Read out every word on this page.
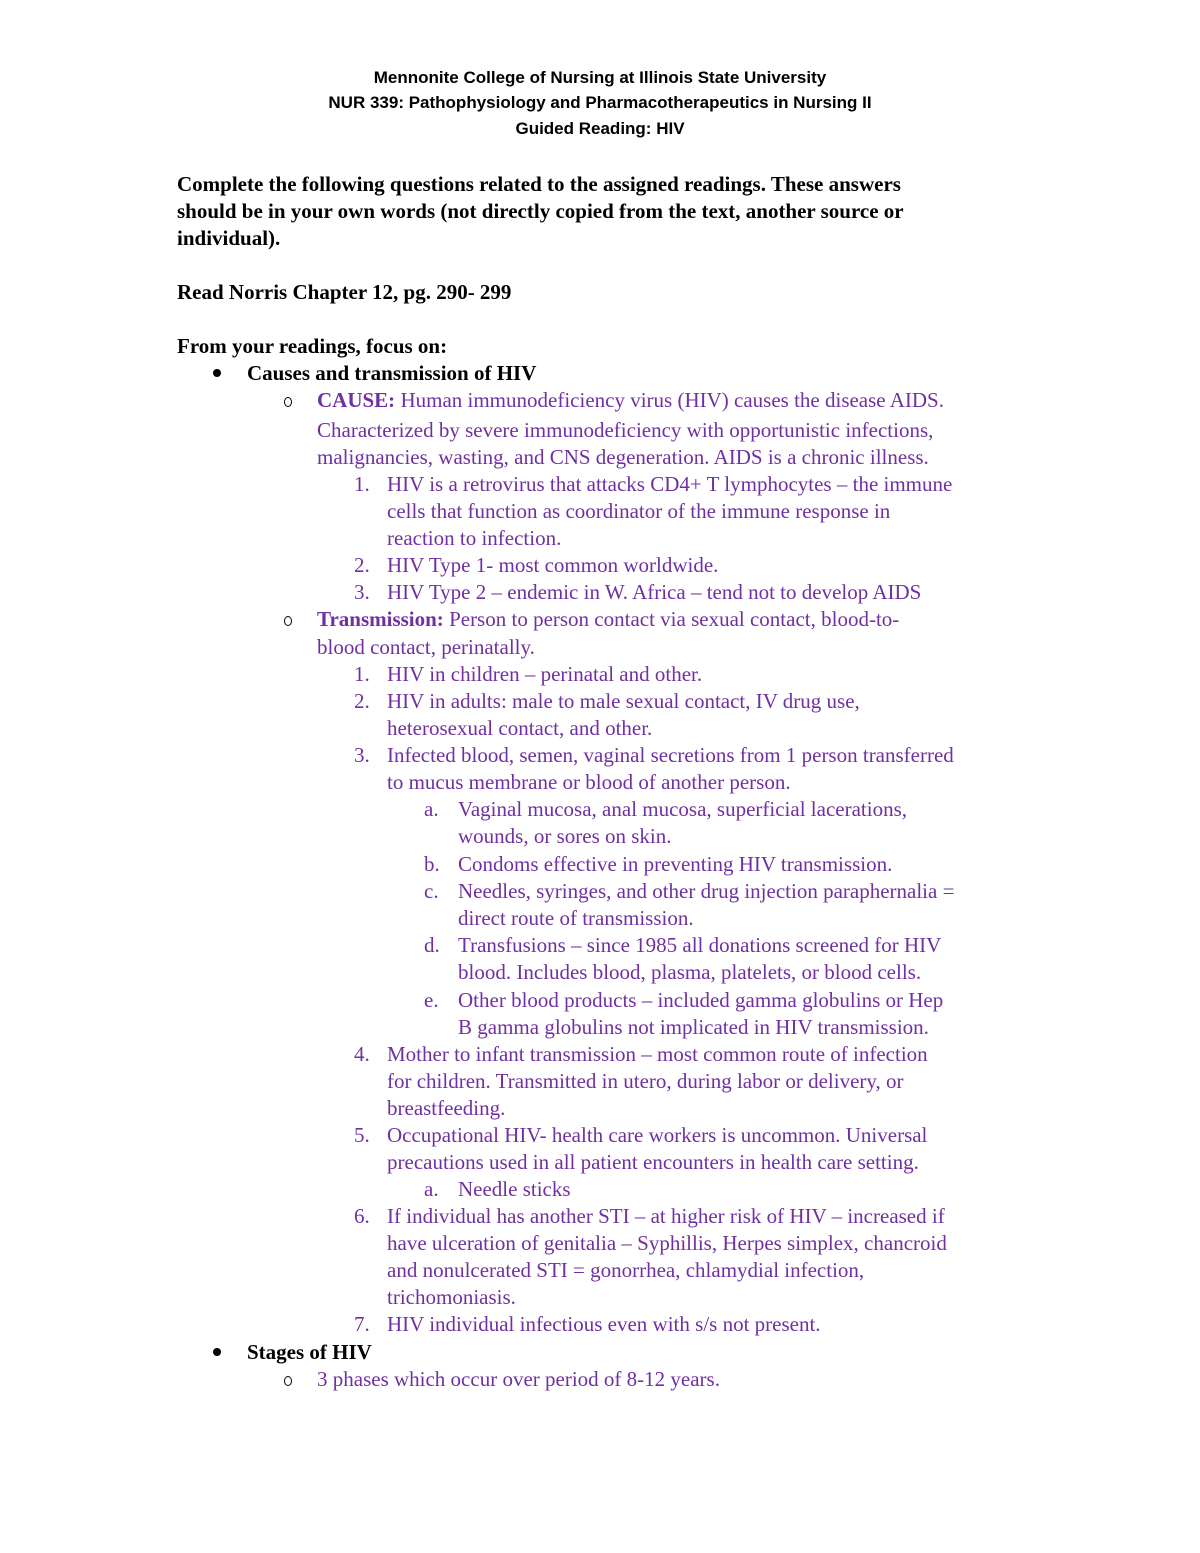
Mennonite College of Nursing at Illinois State University
NUR 339: Pathophysiology and Pharmacotherapeutics in Nursing II
Guided Reading: HIV
Complete the following questions related to the assigned readings. These answers
should be in your own words (not directly copied from the text, another source or
individual).
Read Norris Chapter 12, pg. 290- 299
From your readings, focus on:
Causes and transmission of HIV
CAUSE: Human immunodeficiency virus (HIV) causes the disease AIDS.
Characterized by severe immunodeficiency with opportunistic infections,
malignancies, wasting, and CNS degeneration. AIDS is a chronic illness.
1. HIV is a retrovirus that attacks CD4+ T lymphocytes – the immune
cells that function as coordinator of the immune response in
reaction to infection.
2. HIV Type 1- most common worldwide.
3. HIV Type 2 – endemic in W. Africa – tend not to develop AIDS
Transmission: Person to person contact via sexual contact, blood-to-
blood contact, perinatally.
1. HIV in children – perinatal and other.
2. HIV in adults: male to male sexual contact, IV drug use,
heterosexual contact, and other.
3. Infected blood, semen, vaginal secretions from 1 person transferred
to mucus membrane or blood of another person.
a. Vaginal mucosa, anal mucosa, superficial lacerations,
wounds, or sores on skin.
b. Condoms effective in preventing HIV transmission.
c. Needles, syringes, and other drug injection paraphernalia =
direct route of transmission.
d. Transfusions – since 1985 all donations screened for HIV
blood. Includes blood, plasma, platelets, or blood cells.
e. Other blood products – included gamma globulins or Hep
B gamma globulins not implicated in HIV transmission.
4. Mother to infant transmission – most common route of infection
for children. Transmitted in utero, during labor or delivery, or
breastfeeding.
5. Occupational HIV- health care workers is uncommon. Universal
precautions used in all patient encounters in health care setting.
a. Needle sticks
6. If individual has another STI – at higher risk of HIV – increased if
have ulceration of genitalia – Syphillis, Herpes simplex, chancroid
and nonulcerated STI = gonorrhea, chlamydial infection,
trichomoniasis.
7. HIV individual infectious even with s/s not present.
Stages of HIV
3 phases which occur over period of 8-12 years.
